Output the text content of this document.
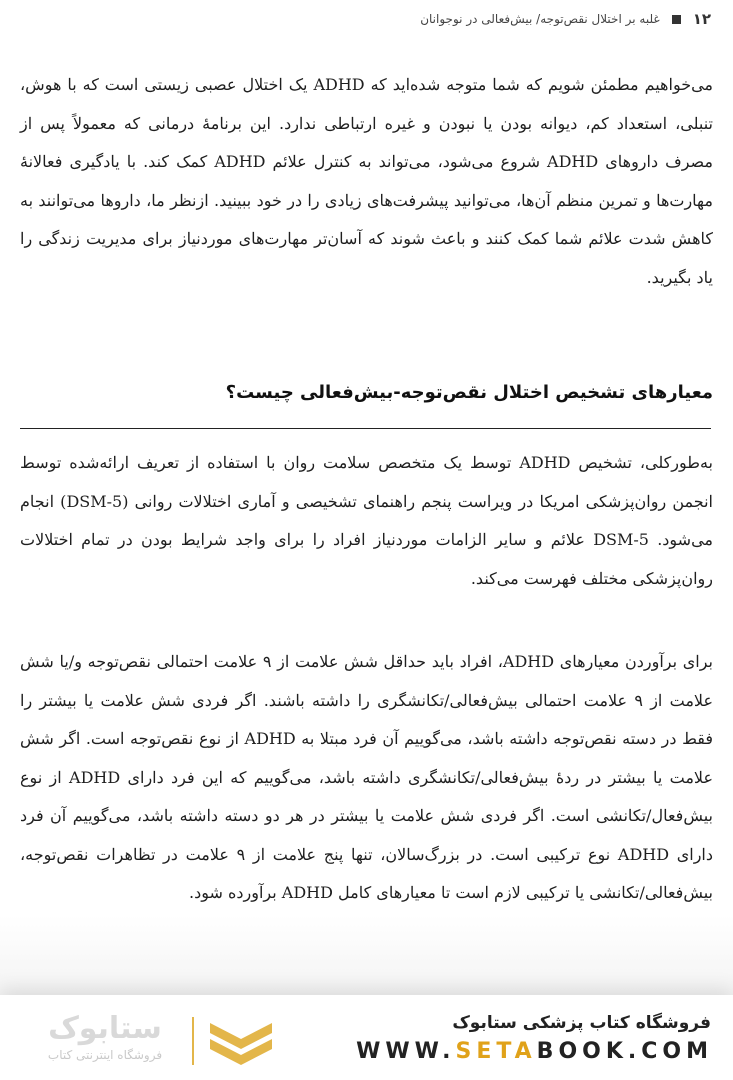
۱۲
غلبه بر اختلال نقص‌توجه/ بیش‌فعالی در نوجوانان

می‌خواهیم مطمئن شویم که شما متوجه شده‌اید که ADHD یک اختلال عصبی زیستی است که با هوش، تنبلی، استعداد کم، دیوانه بودن یا نبودن و غیره ارتباطی ندارد. این برنامهٔ درمانی که معمولاً پس از مصرف داروهای ADHD شروع می‌شود، می‌تواند به کنترل علائم ADHD کمک کند. با یادگیری فعالانهٔ مهارت‌ها و تمرین منظم آن‌ها، می‌توانید پیشرفت‌های زیادی را در خود ببینید. ازنظر ما، داروها می‌توانند به کاهش شدت علائم شما کمک کنند و باعث شوند که آسان‌تر مهارت‌های موردنیاز برای مدیریت زندگی را یاد بگیرید.

معیارهای تشخیص اختلال نقص‌توجه-بیش‌فعالی چیست؟

به‌طورکلی، تشخیص ADHD توسط یک متخصص سلامت روان با استفاده از تعریف ارائه‌شده توسط انجمن روان‌پزشکی امریکا در ویراست پنجم راهنمای تشخیصی و آماری اختلالات روانی (DSM-5) انجام می‌شود. DSM-5 علائم و سایر الزامات موردنیاز افراد را برای واجد شرایط بودن در تمام اختلالات روان‌پزشکی مختلف فهرست می‌کند.

برای برآوردن معیارهای ADHD، افراد باید حداقل شش علامت از ۹ علامت احتمالی نقص‌توجه و/یا شش علامت از ۹ علامت احتمالی بیش‌فعالی/تکانشگری را داشته باشند. اگر فردی شش علامت یا بیشتر را فقط در دسته نقص‌توجه داشته باشد، می‌گوییم آن فرد مبتلا به ADHD از نوع نقص‌توجه است. اگر شش علامت یا بیشتر در ردهٔ بیش‌فعالی/تکانشگری داشته باشد، می‌گوییم که این فرد دارای ADHD از نوع بیش‌فعال/تکانشی است. اگر فردی شش علامت یا بیشتر در هر دو دسته داشته باشد، می‌گوییم آن فرد دارای ADHD نوع ترکیبی است. در بزرگ‌سالان، تنها پنج علامت از ۹ علامت در تظاهرات نقص‌توجه، بیش‌فعالی/تکانشی یا ترکیبی لازم است تا معیارهای کامل ADHD برآورده شود.

ستابوک
فروشگاه اینترنتی کتاب
فروشگاه کتاب پزشکی ستابوک
WWW.SETABOOK.COM
